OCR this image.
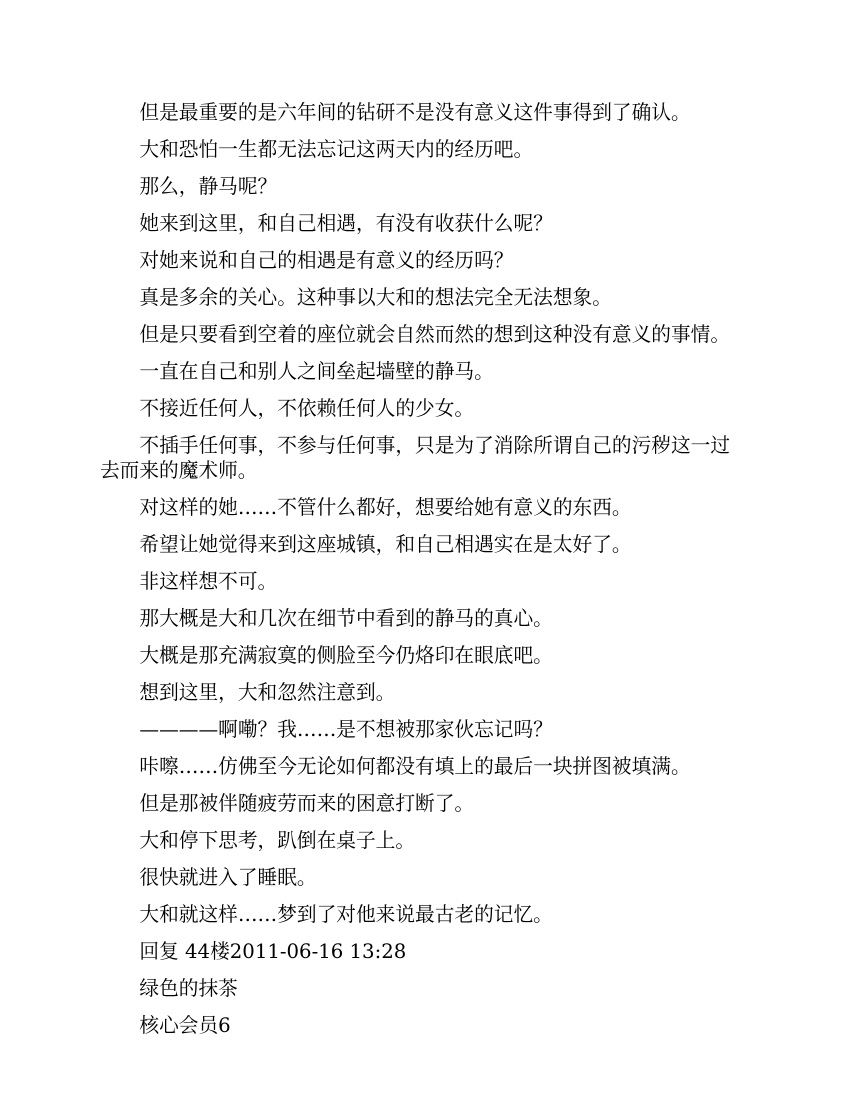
但是最重要的是六年间的钻研不是没有意义这件事得到了确认。

大和恐怕一生都无法忘记这两天内的经历吧。

那么，静马呢？

她来到这里，和自己相遇，有没有收获什么呢？

对她来说和自己的相遇是有意义的经历吗？

真是多余的关心。这种事以大和的想法完全无法想象。

但是只要看到空着的座位就会自然而然的想到这种没有意义的事情。

一直在自己和别人之间垒起墙壁的静马。

不接近任何人，不依赖任何人的少女。

不插手任何事，不参与任何事，只是为了消除所谓自己的污秽这一过去而来的魔术师。

对这样的她……不管什么都好，想要给她有意义的东西。

希望让她觉得来到这座城镇，和自己相遇实在是太好了。

非这样想不可。

那大概是大和几次在细节中看到的静马的真心。

大概是那充满寂寞的侧脸至今仍烙印在眼底吧。

想到这里，大和忽然注意到。

————啊嘞？我……是不想被那家伙忘记吗？

咔嚓……仿佛至今无论如何都没有填上的最后一块拼图被填满。

但是那被伴随疲劳而来的困意打断了。

大和停下思考，趴倒在桌子上。

很快就进入了睡眠。

大和就这样……梦到了对他来说最古老的记忆。

回复 44楼2011-06-16 13:28

绿色的抹茶

核心会员6
